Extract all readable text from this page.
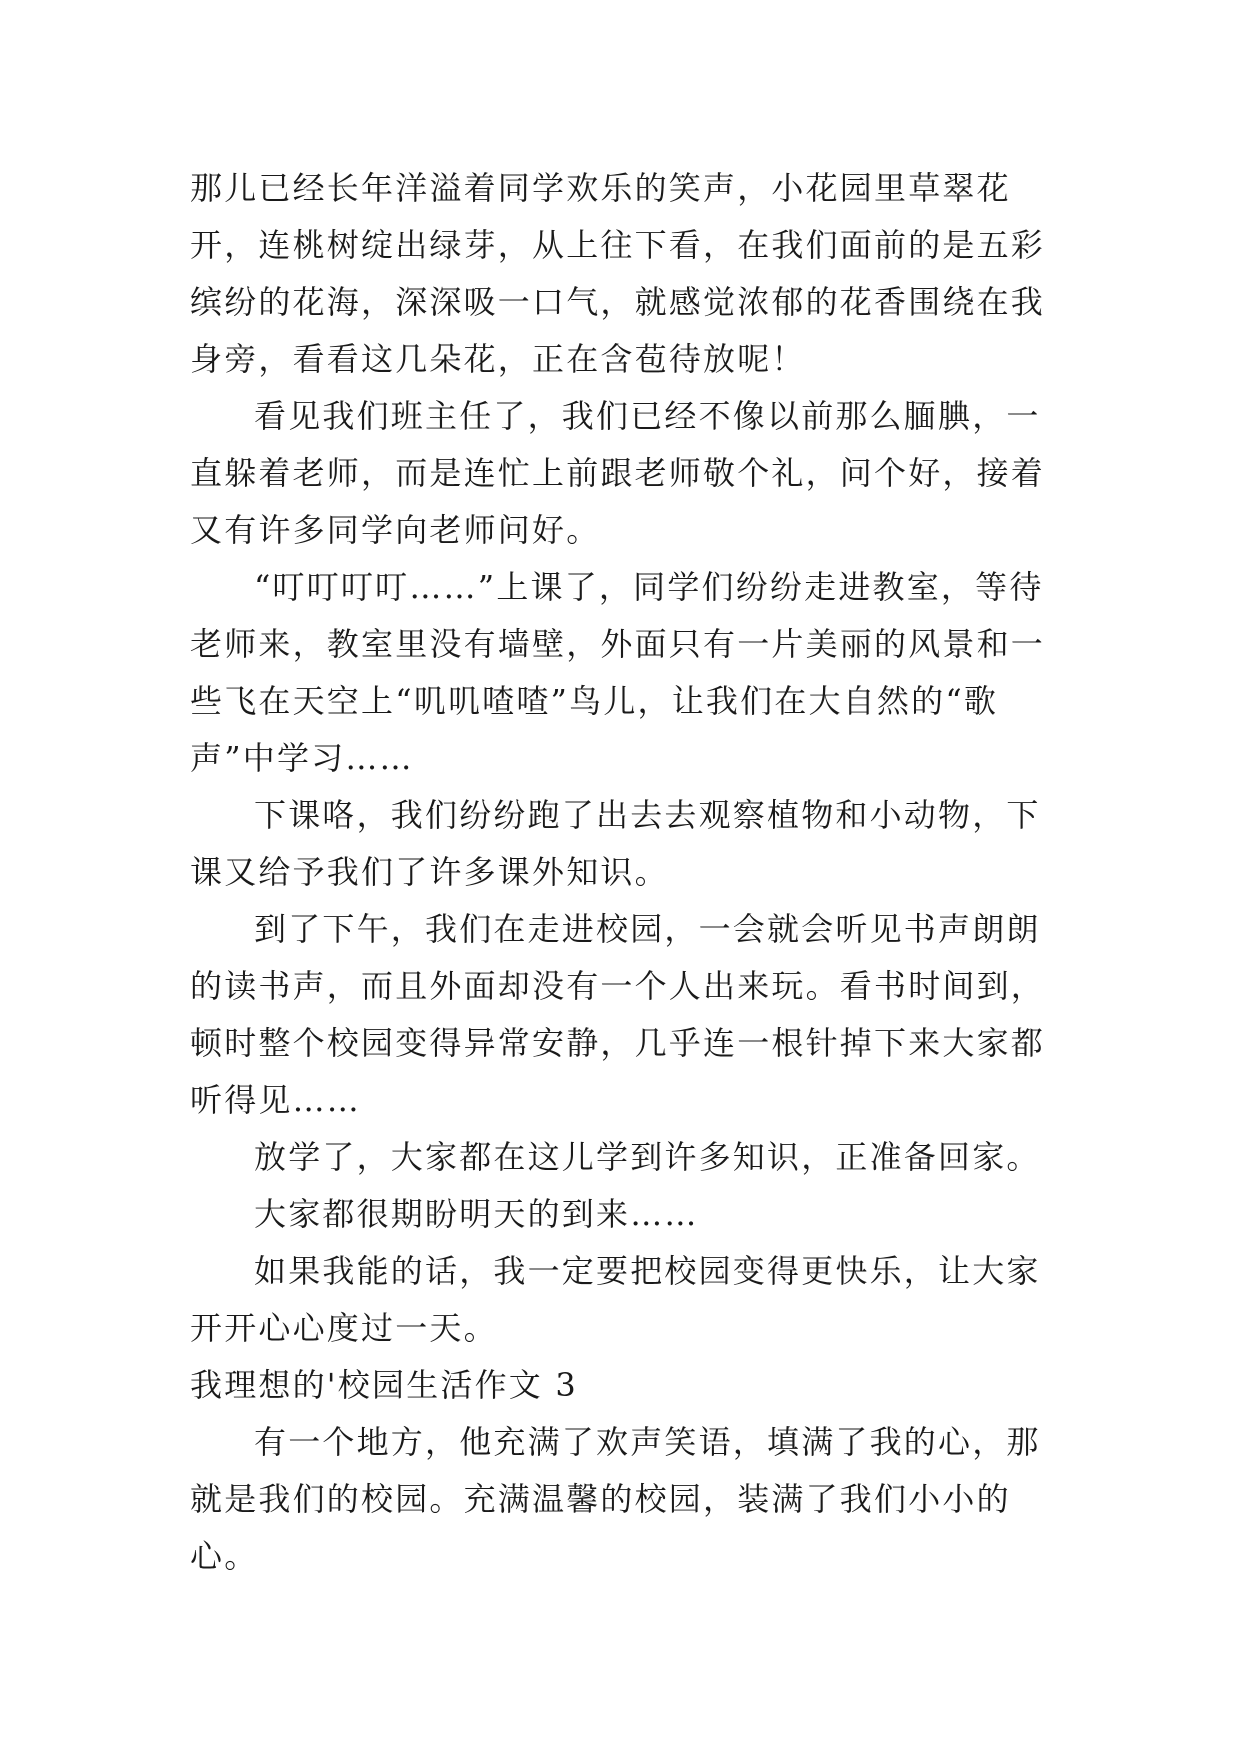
那儿已经长年洋溢着同学欢乐的笑声，小花园里草翠花开，连桃树绽出绿芽，从上往下看，在我们面前的是五彩缤纷的花海，深深吸一口气，就感觉浓郁的花香围绕在我身旁，看看这几朵花，正在含苞待放呢！

看见我们班主任了，我们已经不像以前那么腼腆，一直躲着老师，而是连忙上前跟老师敬个礼，问个好，接着又有许多同学向老师问好。

“叮叮叮叮……”上课了，同学们纷纷走进教室，等待老师来，教室里没有墙壁，外面只有一片美丽的风景和一些飞在天空上“叽叽喳喳”鸟儿，让我们在大自然的“歌声”中学习……

下课咯，我们纷纷跑了出去去观察植物和小动物，下课又给予我们了许多课外知识。

到了下午，我们在走进校园，一会就会听见书声朗朗的读书声，而且外面却没有一个人出来玩。看书时间到，顿时整个校园变得异常安静，几乎连一根针掉下来大家都听得见……

放学了，大家都在这儿学到许多知识，正准备回家。

大家都很期盼明天的到来……

如果我能的话，我一定要把校园变得更快乐，让大家开开心心度过一天。

我理想的'校园生活作文 3

有一个地方，他充满了欢声笑语，填满了我的心，那就是我们的校园。充满温馨的校园，装满了我们小小的心。
